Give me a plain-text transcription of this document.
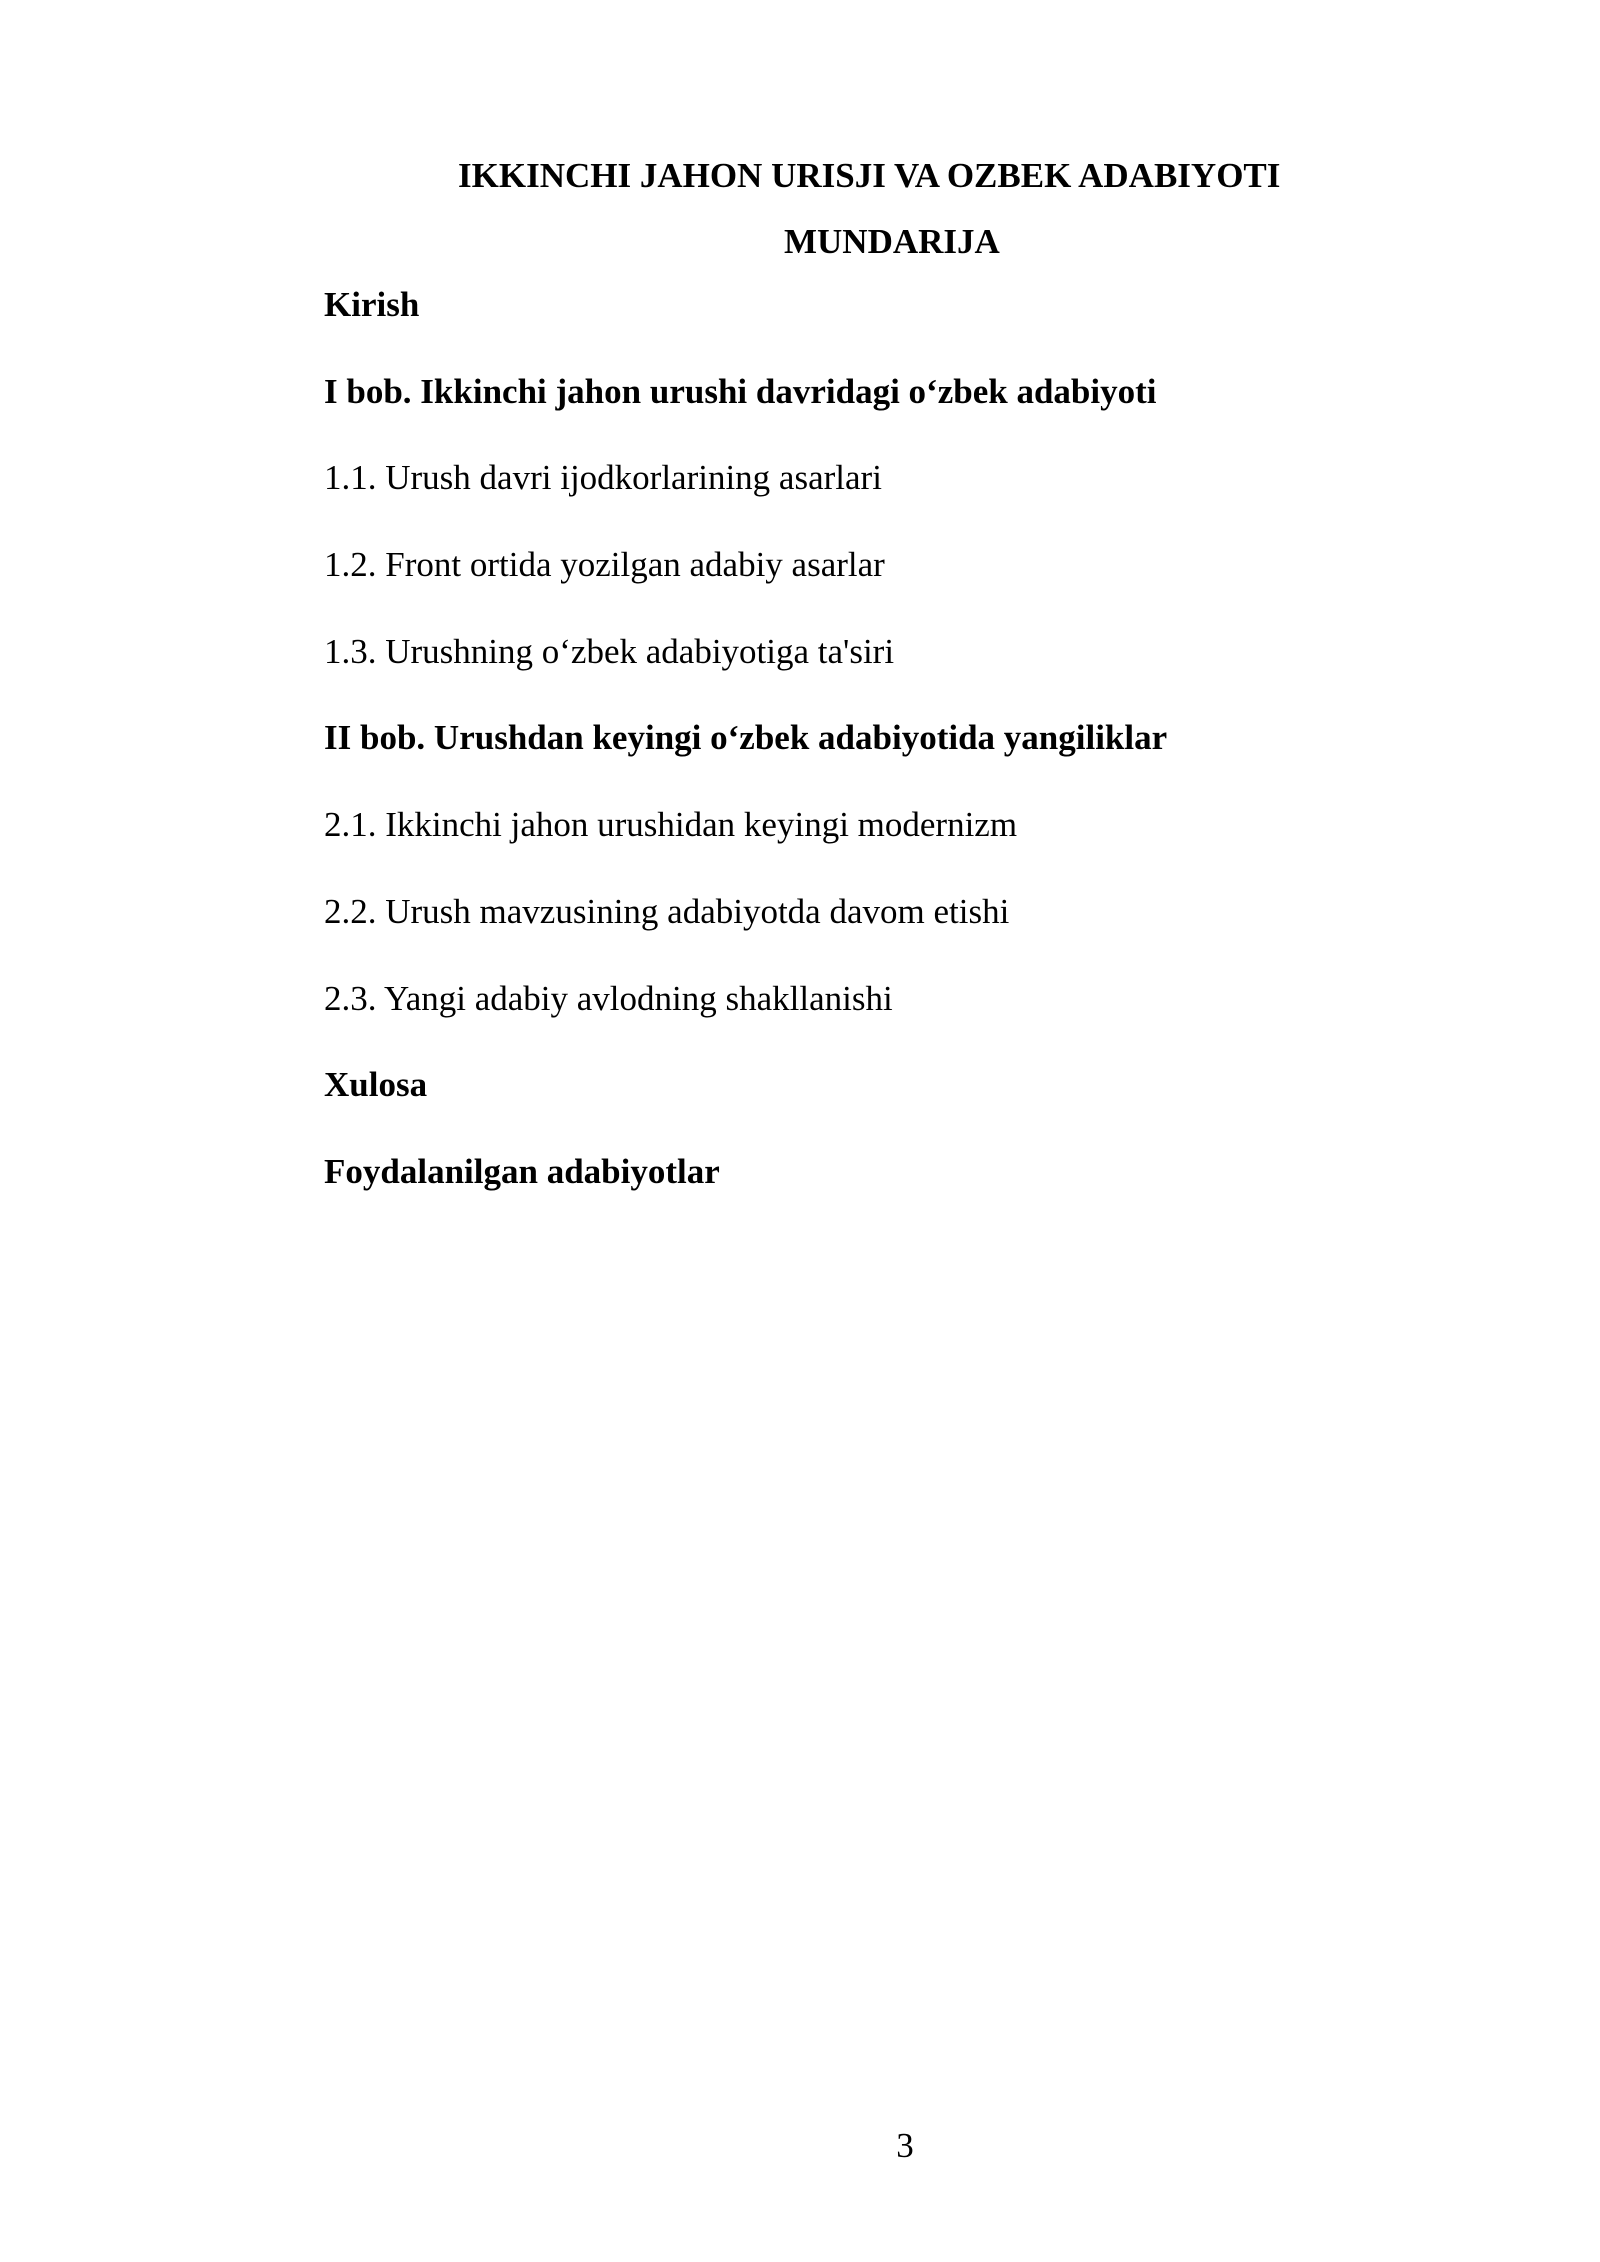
IKKINCHI JAHON URISJI VA OZBEK ADABIYOTI
MUNDARIJA
Kirish
I bob. Ikkinchi jahon urushi davridagi o‘zbek adabiyoti
1.1. Urush davri ijodkorlarining asarlari
1.2. Front ortida yozilgan adabiy asarlar
1.3. Urushning o‘zbek adabiyotiga ta'siri
II bob. Urushdan keyingi o‘zbek adabiyotida yangiliklar
2.1. Ikkinchi jahon urushidan keyingi modernizm
2.2. Urush mavzusining adabiyotda davom etishi
2.3. Yangi adabiy avlodning shakllanishi
Xulosa
Foydalanilgan adabiyotlar
3
